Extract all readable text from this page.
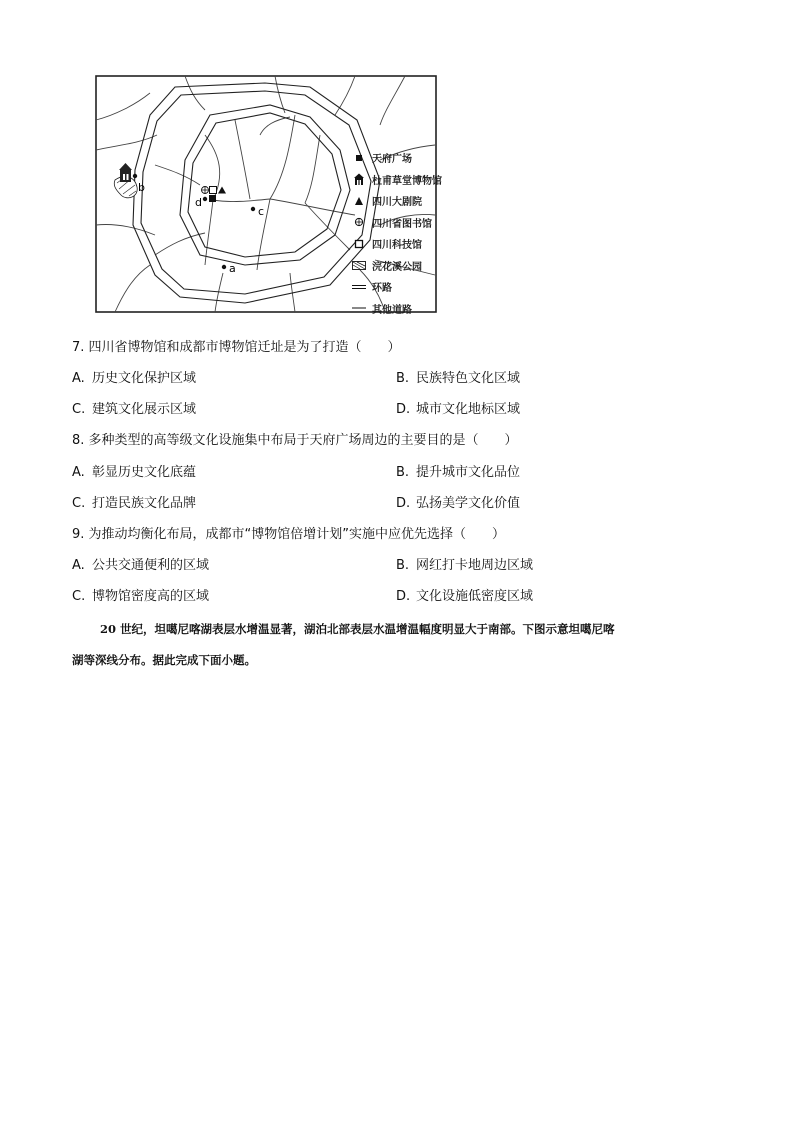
b
d
c
a
天府广场
杜甫草堂博物馆
四川大剧院
四川省图书馆
四川科技馆
浣花溪公园
环路
其他道路
7. 四川省博物馆和成都市博物馆迁址是为了打造（　　）
A. 历史文化保护区域	B. 民族特色文化区域
C. 建筑文化展示区域	D. 城市文化地标区域
8. 多种类型的高等级文化设施集中布局于天府广场周边的主要目的是（　　）
A. 彰显历史文化底蕴	B. 提升城市文化品位
C. 打造民族文化品牌	D. 弘扬美学文化价值
9. 为推动均衡化布局，成都市“博物馆倍增计划”实施中应优先选择（　　）
A. 公共交通便利的区域	B. 网红打卡地周边区域
C. 博物馆密度高的区域	D. 文化设施低密度区域
20 世纪，坦噶尼喀湖表层水增温显著，湖泊北部表层水温增温幅度明显大于南部。下图示意坦噶尼喀
湖等深线分布。据此完成下面小题。
